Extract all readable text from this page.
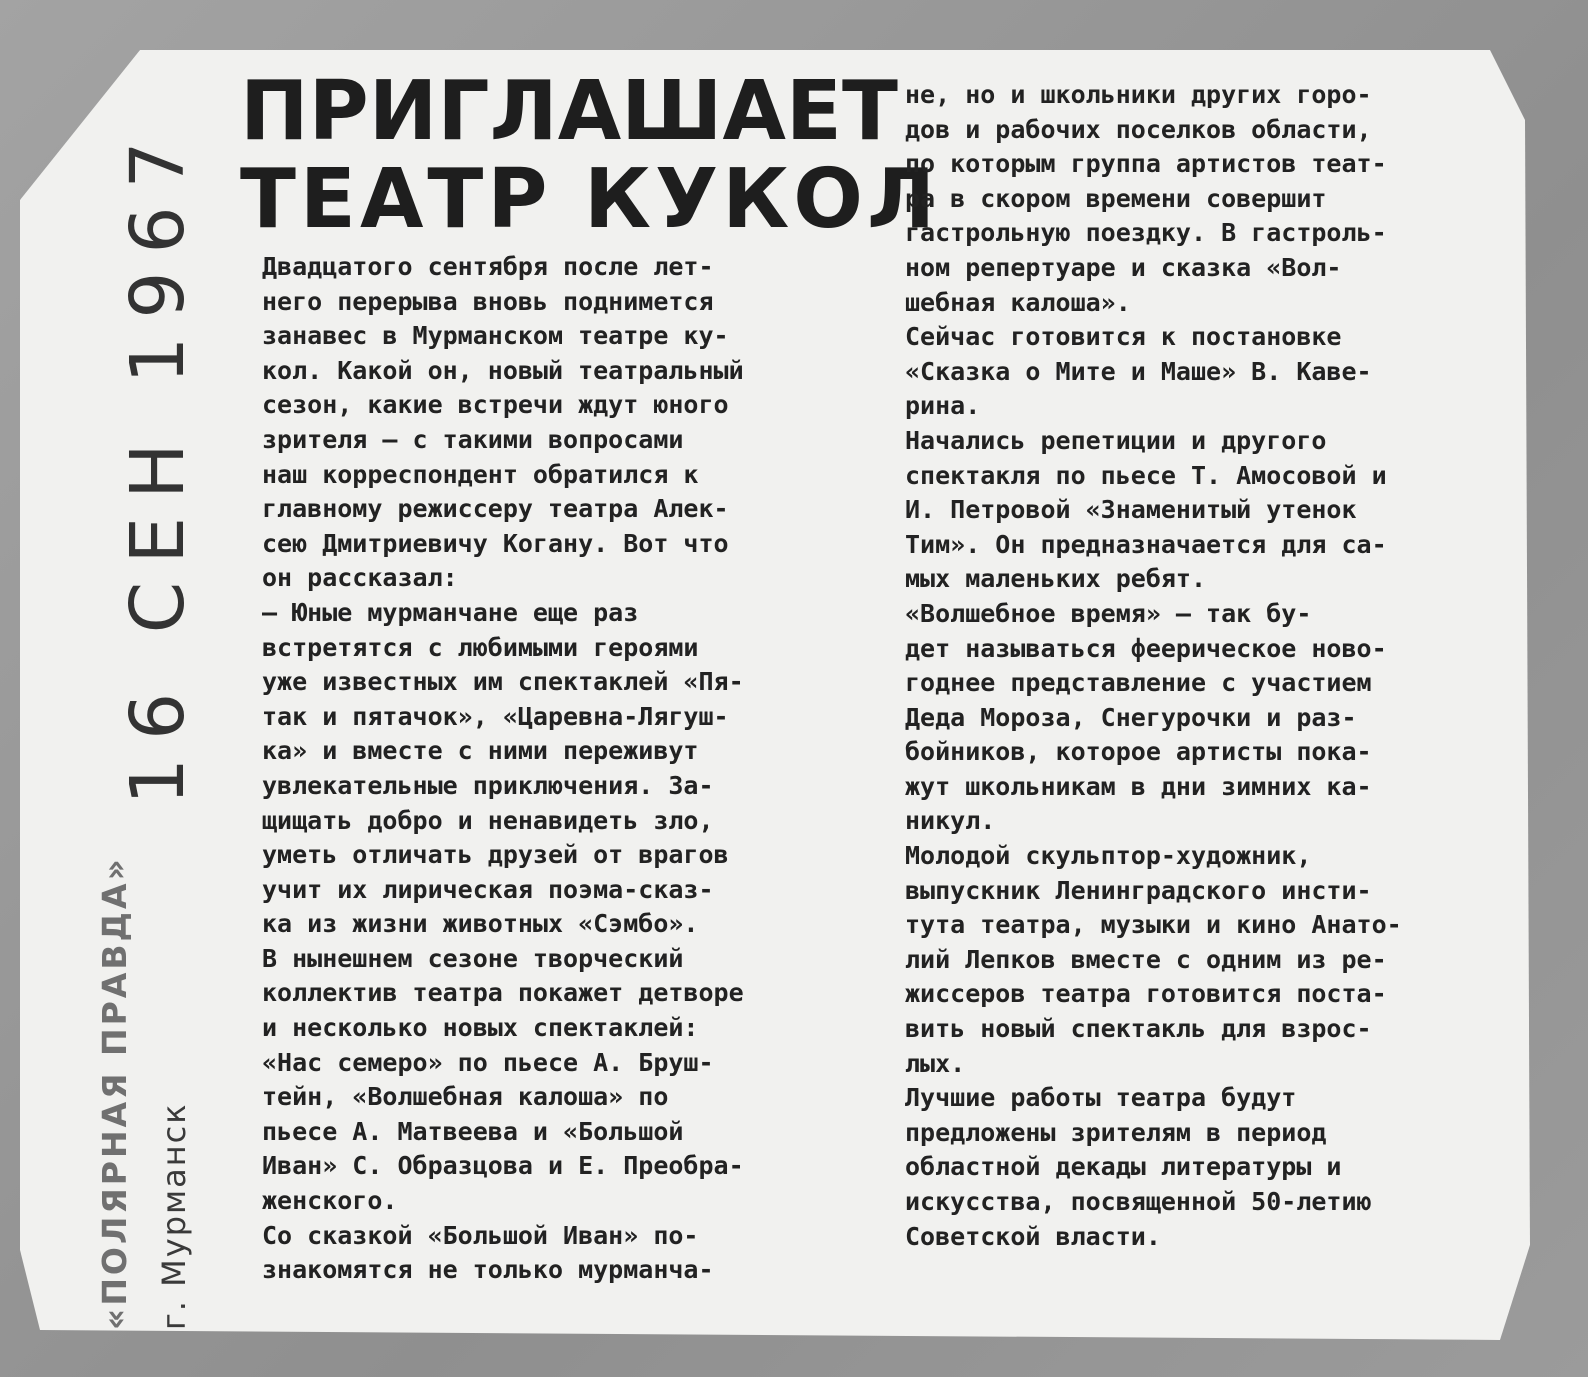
16 СЕН 1967
«ПОЛЯРНАЯ ПРАВДА» г. Мурманск
ПРИГЛАШАЕТ
ТЕАТР КУКОЛ
Двадцатого сентября после лет-
него перерыва вновь поднимется
занавес в Мурманском театре ку-
кол. Какой он, новый театральный
сезон, какие встречи ждут юного
зрителя — с такими вопросами
наш корреспондент обратился к
главному режиссеру театра Алек-
сею Дмитриевичу Когану. Вот что
он рассказал:
— Юные мурманчане еще раз
встретятся с любимыми героями
уже известных им спектаклей «Пя-
так и пятачок», «Царевна-Лягуш-
ка» и вместе с ними переживут
увлекательные приключения. За-
щищать добро и ненавидеть зло,
уметь отличать друзей от врагов
учит их лирическая поэма-сказ-
ка из жизни животных «Сэмбо».
В нынешнем сезоне творческий
коллектив театра покажет детворе
и несколько новых спектаклей:
«Нас семеро» по пьесе А. Бруш-
тейн, «Волшебная калоша» по
пьесе А. Матвеева и «Большой
Иван» С. Образцова и Е. Преобра-
женского.
Со сказкой «Большой Иван» по-
знакомятся не только мурманча-
не, но и школьники других горо-
дов и рабочих поселков области,
по которым группа артистов теат-
ра в скором времени совершит
гастрольную поездку. В гастроль-
ном репертуаре и сказка «Вол-
шебная калоша».
Сейчас готовится к постановке
«Сказка о Мите и Маше» В. Каве-
рина.
Начались репетиции и другого
спектакля по пьесе Т. Амосовой и
И. Петровой «Знаменитый утенок
Тим». Он предназначается для са-
мых маленьких ребят.
«Волшебное время» — так бу-
дет называться феерическое ново-
годнее представление с участием
Деда Мороза, Снегурочки и раз-
бойников, которое артисты пока-
жут школьникам в дни зимних ка-
никул.
Молодой скульптор-художник,
выпускник Ленинградского инсти-
тута театра, музыки и кино Анато-
лий Лепков вместе с одним из ре-
жиссеров театра готовится поста-
вить новый спектакль для взрос-
лых.
Лучшие работы театра будут
предложены зрителям в период
областной декады литературы и
искусства, посвященной 50-летию
Советской власти.
